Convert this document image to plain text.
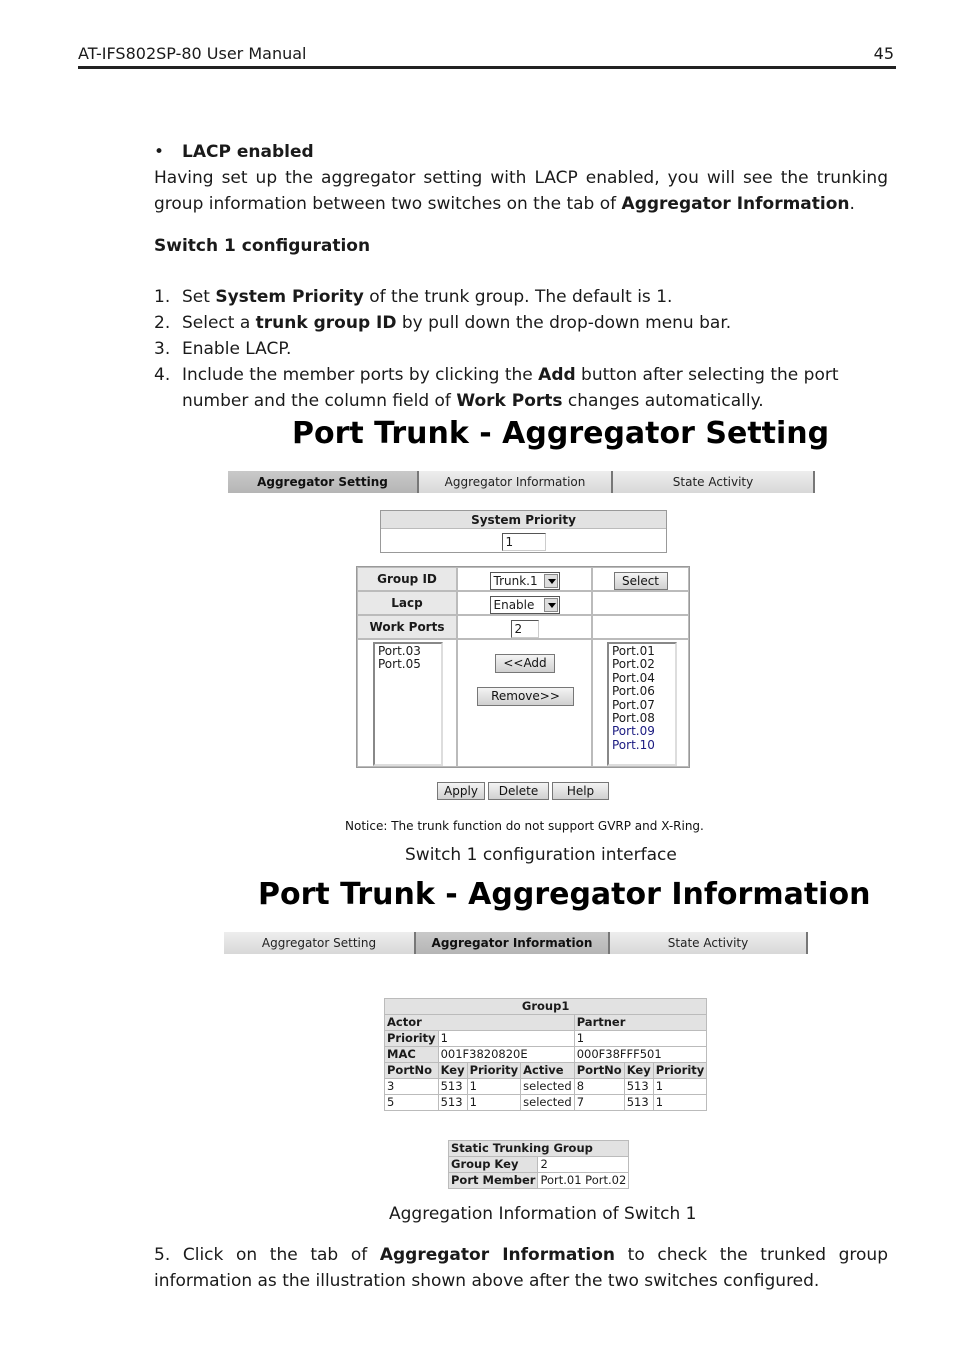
AT-IFS802SP-80 User Manual	45
• LACP enabled
Having set up the aggregator setting with LACP enabled, you will see the trunking group information between two switches on the tab of Aggregator Information.
Switch 1 configuration
1. Set System Priority of the trunk group. The default is 1.
2. Select a trunk group ID by pull down the drop-down menu bar.
3. Enable LACP.
4. Include the member ports by clicking the Add button after selecting the port number and the column field of Work Ports changes automatically.
Port Trunk - Aggregator Setting
Aggregator Setting	Aggregator Information	State Activity
System Priority
1
Group ID	Trunk.1	Select
Lacp	Enable
Work Ports	2
Port.03
Port.05	<<Add
Remove>>
Port.01
Port.02
Port.04
Port.06
Port.07
Port.08
Port.09
Port.10
Apply	Delete	Help
Notice: The trunk function do not support GVRP and X-Ring.
Switch 1 configuration interface
Port Trunk - Aggregator Information
Aggregator Setting	Aggregator Information	State Activity
Group1						
Actor				Partner		
Priority	1			1		
MAC	001F3820820E			000F38FFF501		
PortNo	Key	Priority	Active	PortNo	Key	Priority
3	513	1	selected	8	513	1
5	513	1	selected	7	513	1
Static Trunking Group	
Group Key	2
Port Member	Port.01 Port.02
Aggregation Information of Switch 1
5. Click on the tab of Aggregator Information to check the trunked group information as the illustration shown above after the two switches configured.
